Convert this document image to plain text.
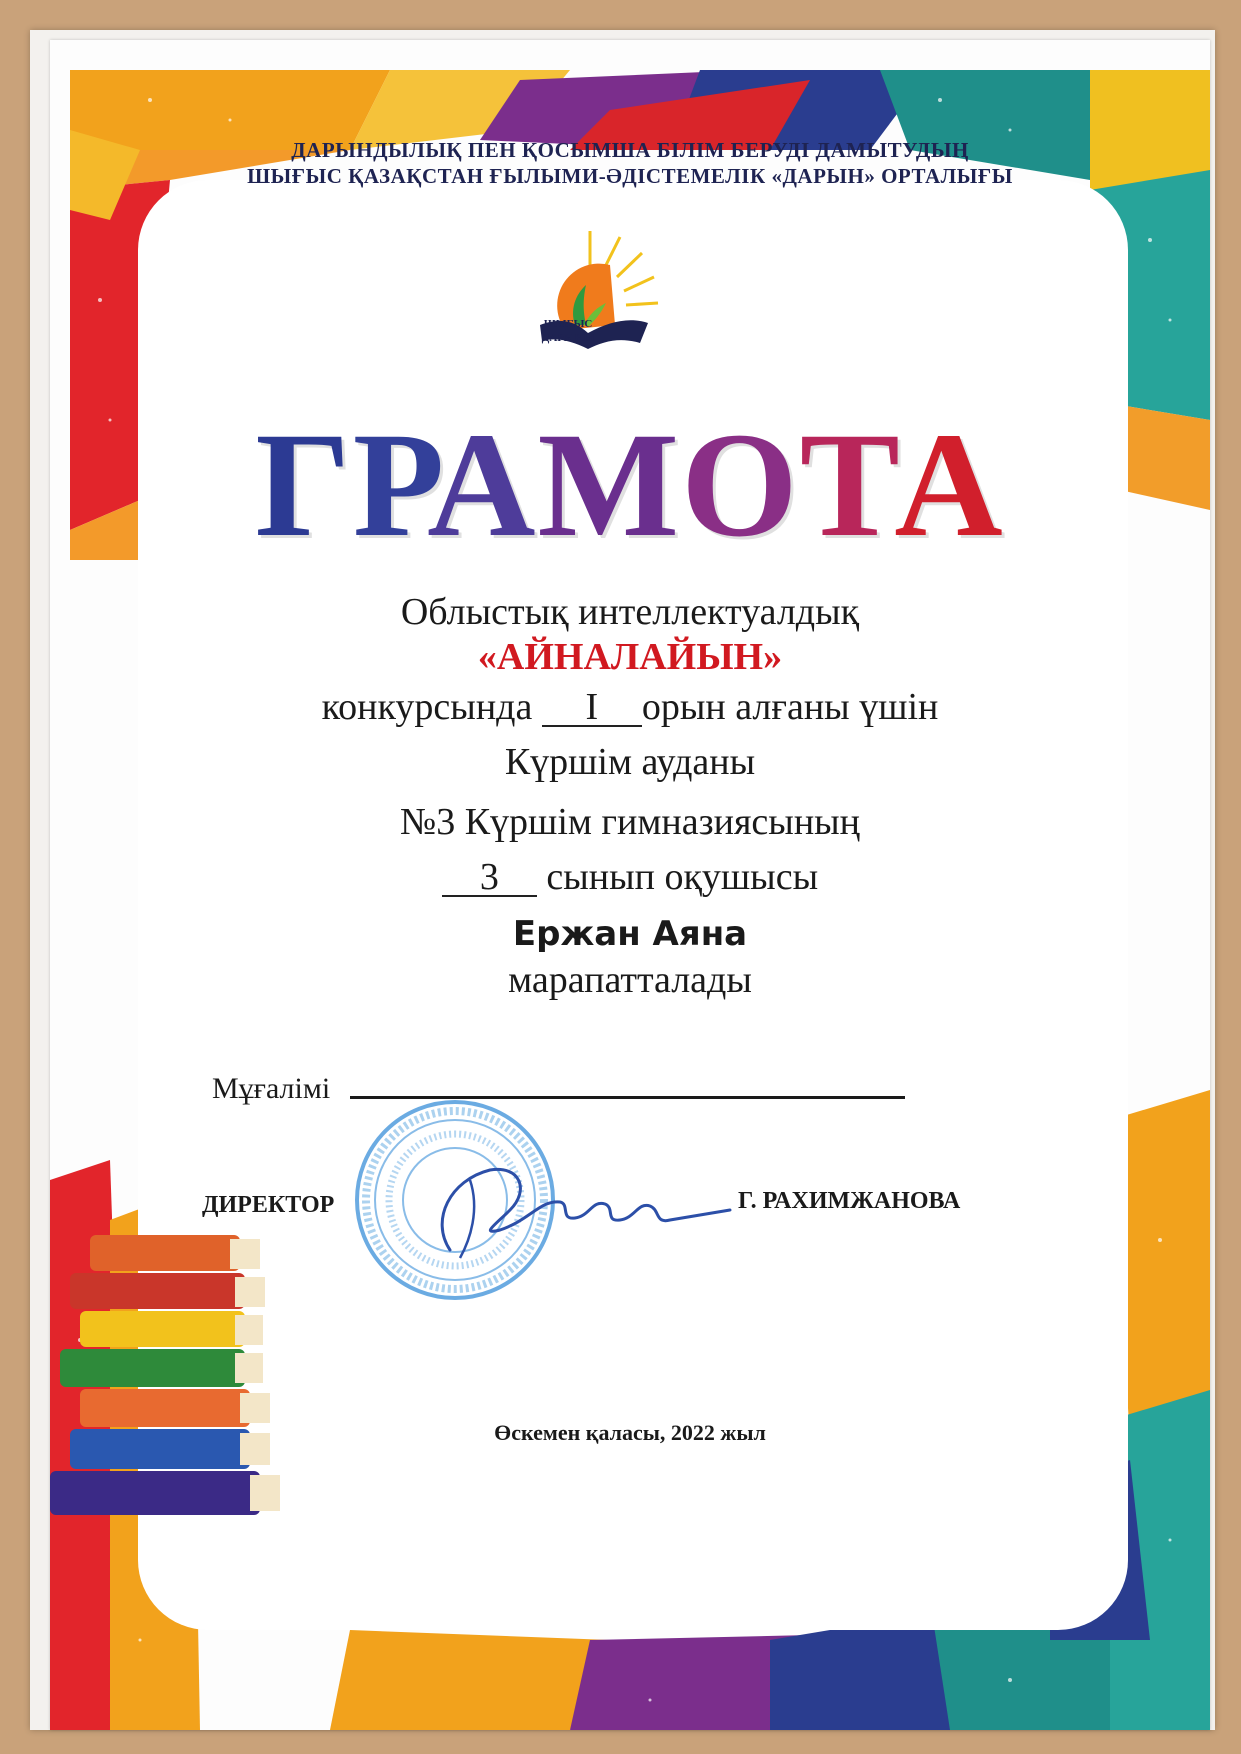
ДАРЫНДЫЛЫҚ ПЕН ҚОСЫМША БІЛІМ БЕРУДІ ДАМЫТУДЫҢ
ШЫҒЫС ҚАЗАҚСТАН ҒЫЛЫМИ-ӘДІСТЕМЕЛІК «ДАРЫН» ОРТАЛЫҒЫ
ШЫҒЫС
ДАРЫНЫ
ГРАМОТА
Облыстық интеллектуалдық
«АЙНАЛАЙЫН»
конкурсында I орын алғаны үшін
Күршім ауданы
№3 Күршім гимназиясының
3 сынып оқушысы
Ержан Аяна
марапатталады
Мұғалімі
ДИРЕКТОР	Г. РАХИМЖАНОВА
Өскемен қаласы, 2022 жыл
